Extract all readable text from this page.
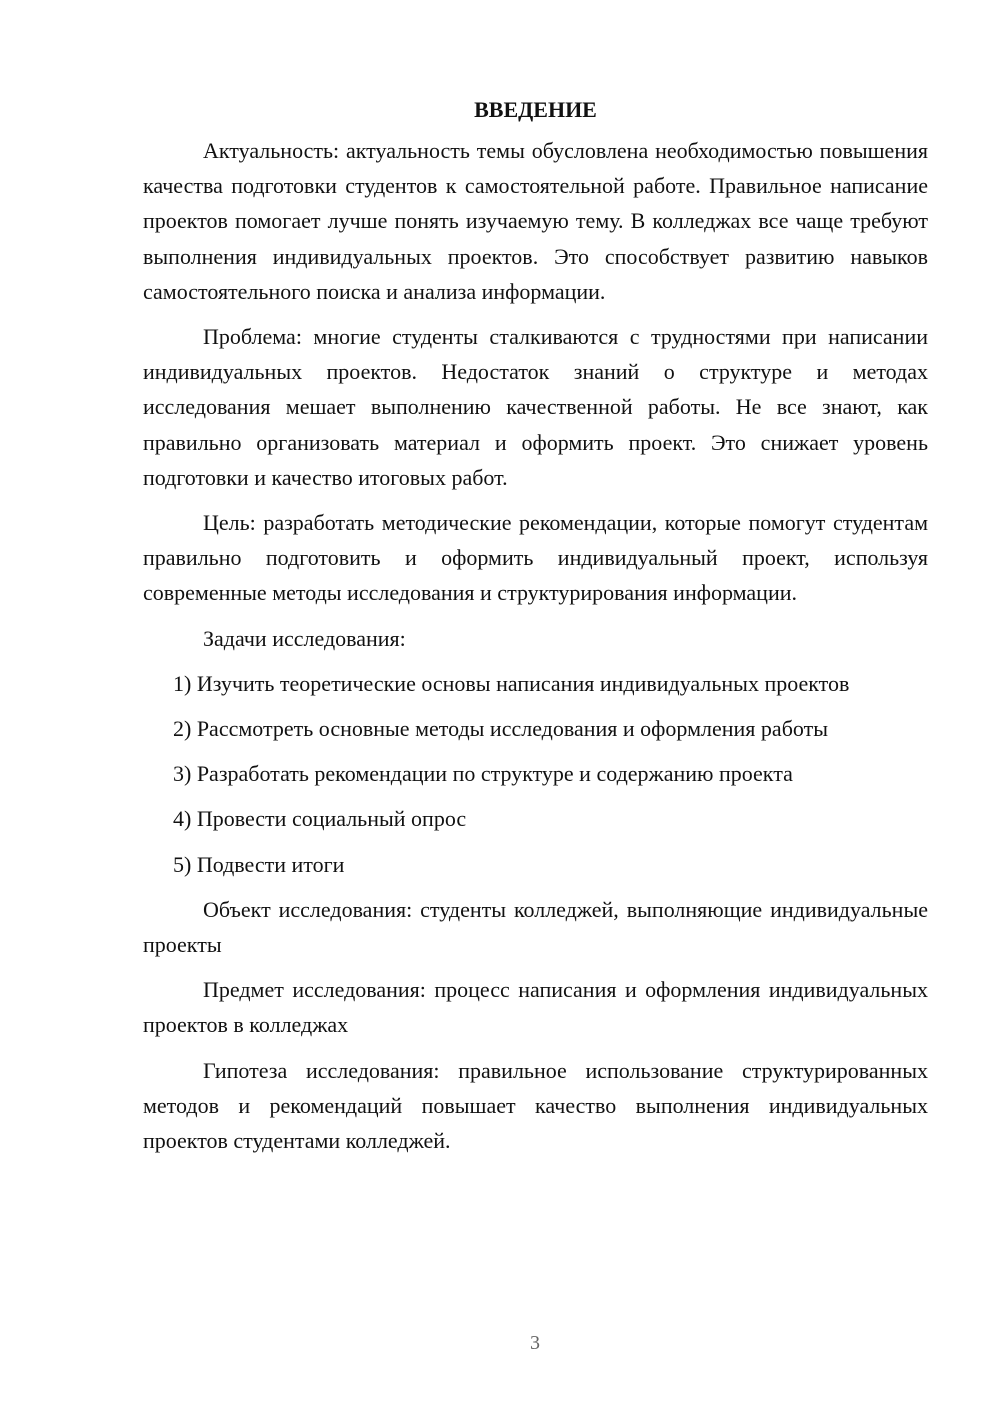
ВВЕДЕНИЕ

Актуальность: актуальность темы обусловлена необходимостью повышения качества подготовки студентов к самостоятельной работе. Правильное написание проектов помогает лучше понять изучаемую тему. В колледжах все чаще требуют выполнения индивидуальных проектов. Это способствует развитию навыков самостоятельного поиска и анализа информации.

Проблема: многие студенты сталкиваются с трудностями при написании индивидуальных проектов. Недостаток знаний о структуре и методах исследования мешает выполнению качественной работы. Не все знают, как правильно организовать материал и оформить проект. Это снижает уровень подготовки и качество итоговых работ.

Цель: разработать методические рекомендации, которые помогут студентам правильно подготовить и оформить индивидуальный проект, используя современные методы исследования и структурирования информации.

Задачи исследования:

1) Изучить теоретические основы написания индивидуальных проектов

2) Рассмотреть основные методы исследования и оформления работы

3) Разработать рекомендации по структуре и содержанию проекта

4) Провести социальный опрос

5) Подвести итоги

Объект исследования: студенты колледжей, выполняющие индивидуальные проекты

Предмет исследования: процесс написания и оформления индивидуальных проектов в колледжах

Гипотеза исследования: правильное использование структурированных методов и рекомендаций повышает качество выполнения индивидуальных проектов студентами колледжей.

3
